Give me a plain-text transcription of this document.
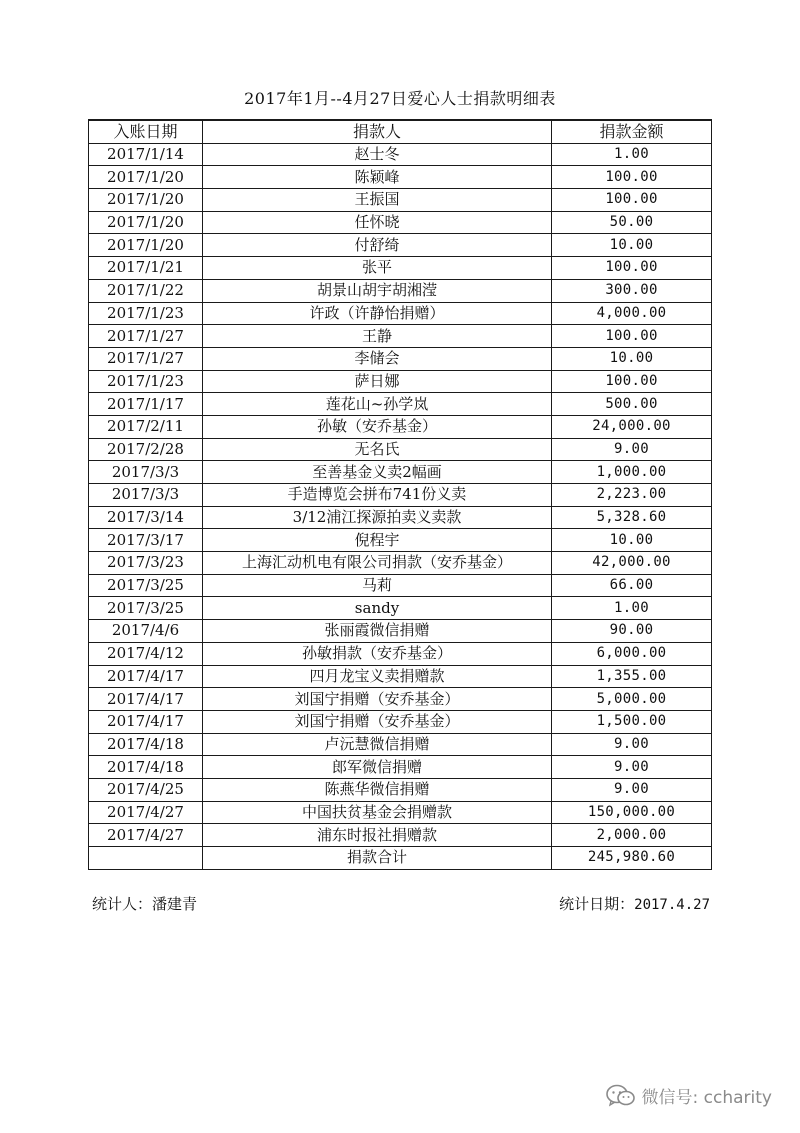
2017年1月--4月27日爱心人士捐款明细表
入账日期	捐款人	捐款金额
2017/1/14	赵士冬	1.00
2017/1/20	陈颖峰	100.00
2017/1/20	王振国	100.00
2017/1/20	任怀晓	50.00
2017/1/20	付舒绮	10.00
2017/1/21	张平	100.00
2017/1/22	胡景山胡宇胡湘滢	300.00
2017/1/23	许政（许静怡捐赠）	4,000.00
2017/1/27	王静	100.00
2017/1/27	李储会	10.00
2017/1/23	萨日娜	100.00
2017/1/17	莲花山~孙学岚	500.00
2017/2/11	孙敏（安乔基金）	24,000.00
2017/2/28	无名氏	9.00
2017/3/3	至善基金义卖2幅画	1,000.00
2017/3/3	手造博览会拼布741份义卖	2,223.00
2017/3/14	3/12浦江探源拍卖义卖款	5,328.60
2017/3/17	倪程宇	10.00
2017/3/23	上海汇动机电有限公司捐款（安乔基金）	42,000.00
2017/3/25	马莉	66.00
2017/3/25	sandy	1.00
2017/4/6	张丽霞微信捐赠	90.00
2017/4/12	孙敏捐款（安乔基金）	6,000.00
2017/4/17	四月龙宝义卖捐赠款	1,355.00
2017/4/17	刘国宁捐赠（安乔基金）	5,000.00
2017/4/17	刘国宁捐赠（安乔基金）	1,500.00
2017/4/18	卢沅慧微信捐赠	9.00
2017/4/18	郎军微信捐赠	9.00
2017/4/25	陈燕华微信捐赠	9.00
2017/4/27	中国扶贫基金会捐赠款	150,000.00
2017/4/27	浦东时报社捐赠款	2,000.00
	捐款合计	245,980.60
统计人：潘建青	统计日期：2017.4.27
微信号: ccharity
